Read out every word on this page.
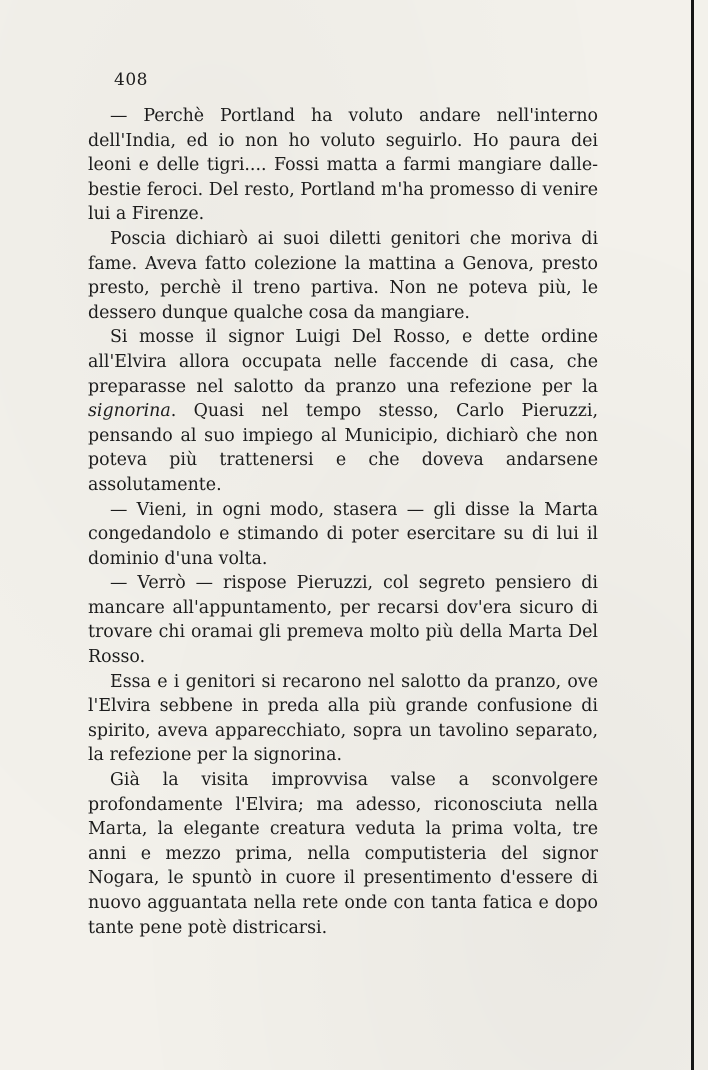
408

— Perchè Portland ha voluto andare nell'interno dell'India, ed io non ho voluto seguirlo. Ho paura dei leoni e delle tigri.... Fossi matta a farmi mangiare dalle-bestie feroci. Del resto, Portland m'ha promesso di venire lui a Firenze.

Poscia dichiarò ai suoi diletti genitori che moriva di fame. Aveva fatto colezione la mattina a Genova, presto presto, perchè il treno partiva. Non ne poteva più, le dessero dunque qualche cosa da mangiare.

Si mosse il signor Luigi Del Rosso, e dette ordine all'Elvira allora occupata nelle faccende di casa, che preparasse nel salotto da pranzo una refezione per la signorina. Quasi nel tempo stesso, Carlo Pieruzzi, pensando al suo impiego al Municipio, dichiarò che non poteva più trattenersi e che doveva andarsene assolutamente.

— Vieni, in ogni modo, stasera — gli disse la Marta congedandolo e stimando di poter esercitare su di lui il dominio d'una volta.

— Verrò — rispose Pieruzzi, col segreto pensiero di mancare all'appuntamento, per recarsi dov'era sicuro di trovare chi oramai gli premeva molto più della Marta Del Rosso.

Essa e i genitori si recarono nel salotto da pranzo, ove l'Elvira sebbene in preda alla più grande confusione di spirito, aveva apparecchiato, sopra un tavolino separato, la refezione per la signorina.

Già la visita improvvisa valse a sconvolgere profondamente l'Elvira; ma adesso, riconosciuta nella Marta, la elegante creatura veduta la prima volta, tre anni e mezzo prima, nella computisteria del signor Nogara, le spuntò in cuore il presentimento d'essere di nuovo agguantata nella rete onde con tanta fatica e dopo tante pene potè districarsi.
